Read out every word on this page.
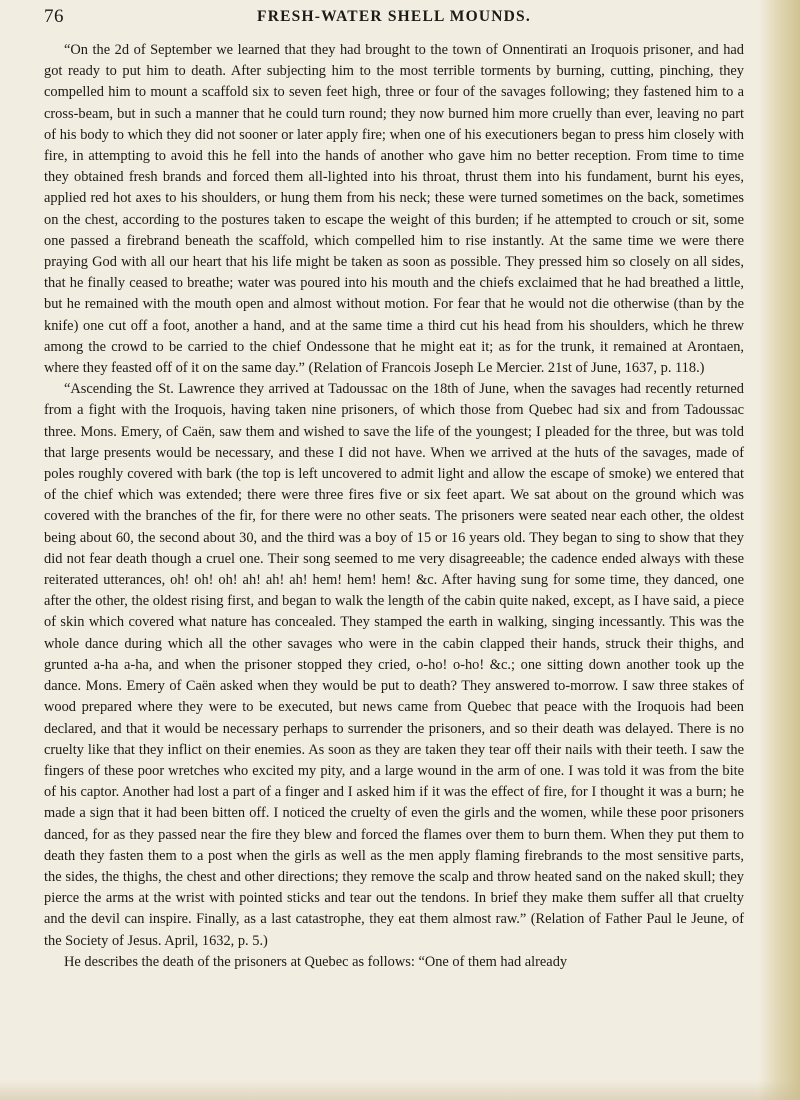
76	FRESH-WATER SHELL MOUNDS.

“On the 2d of September we learned that they had brought to the town of Onnentirati an Iroquois prisoner, and had got ready to put him to death. After subjecting him to the most terrible torments by burning, cutting, pinching, they compelled him to mount a scaffold six to seven feet high, three or four of the savages following; they fastened him to a cross-beam, but in such a manner that he could turn round; they now burned him more cruelly than ever, leaving no part of his body to which they did not sooner or later apply fire; when one of his executioners began to press him closely with fire, in attempting to avoid this he fell into the hands of another who gave him no better reception. From time to time they obtained fresh brands and forced them all-lighted into his throat, thrust them into his fundament, burnt his eyes, applied red hot axes to his shoulders, or hung them from his neck; these were turned sometimes on the back, sometimes on the chest, according to the postures taken to escape the weight of this burden; if he attempted to crouch or sit, some one passed a firebrand beneath the scaffold, which compelled him to rise instantly. At the same time we were there praying God with all our heart that his life might be taken as soon as possible. They pressed him so closely on all sides, that he finally ceased to breathe; water was poured into his mouth and the chiefs exclaimed that he had breathed a little, but he remained with the mouth open and almost without motion. For fear that he would not die otherwise (than by the knife) one cut off a foot, another a hand, and at the same time a third cut his head from his shoulders, which he threw among the crowd to be carried to the chief Ondessone that he might eat it; as for the trunk, it remained at Arontaen, where they feasted off of it on the same day.” (Relation of Francois Joseph Le Mercier. 21st of June, 1637, p. 118.)

“Ascending the St. Lawrence they arrived at Tadoussac on the 18th of June, when the savages had recently returned from a fight with the Iroquois, having taken nine prisoners, of which those from Quebec had six and from Tadoussac three. Mons. Emery, of Caën, saw them and wished to save the life of the youngest; I pleaded for the three, but was told that large presents would be necessary, and these I did not have. When we arrived at the huts of the savages, made of poles roughly covered with bark (the top is left uncovered to admit light and allow the escape of smoke) we entered that of the chief which was extended; there were three fires five or six feet apart. We sat about on the ground which was covered with the branches of the fir, for there were no other seats. The prisoners were seated near each other, the oldest being about 60, the second about 30, and the third was a boy of 15 or 16 years old. They began to sing to show that they did not fear death though a cruel one. Their song seemed to me very disagreeable; the cadence ended always with these reiterated utterances, oh! oh! oh! ah! ah! ah! hem! hem! hem! &c. After having sung for some time, they danced, one after the other, the oldest rising first, and began to walk the length of the cabin quite naked, except, as I have said, a piece of skin which covered what nature has concealed. They stamped the earth in walking, singing incessantly. This was the whole dance during which all the other savages who were in the cabin clapped their hands, struck their thighs, and grunted a-ha a-ha, and when the prisoner stopped they cried, o-ho! o-ho! &c.; one sitting down another took up the dance. Mons. Emery of Caën asked when they would be put to death? They answered to-morrow. I saw three stakes of wood prepared where they were to be executed, but news came from Quebec that peace with the Iroquois had been declared, and that it would be necessary perhaps to surrender the prisoners, and so their death was delayed. There is no cruelty like that they inflict on their enemies. As soon as they are taken they tear off their nails with their teeth. I saw the fingers of these poor wretches who excited my pity, and a large wound in the arm of one. I was told it was from the bite of his captor. Another had lost a part of a finger and I asked him if it was the effect of fire, for I thought it was a burn; he made a sign that it had been bitten off. I noticed the cruelty of even the girls and the women, while these poor prisoners danced, for as they passed near the fire they blew and forced the flames over them to burn them. When they put them to death they fasten them to a post when the girls as well as the men apply flaming firebrands to the most sensitive parts, the sides, the thighs, the chest and other directions; they remove the scalp and throw heated sand on the naked skull; they pierce the arms at the wrist with pointed sticks and tear out the tendons. In brief they make them suffer all that cruelty and the devil can inspire. Finally, as a last catastrophe, they eat them almost raw.” (Relation of Father Paul le Jeune, of the Society of Jesus. April, 1632, p. 5.)

He describes the death of the prisoners at Quebec as follows: “One of them had already
